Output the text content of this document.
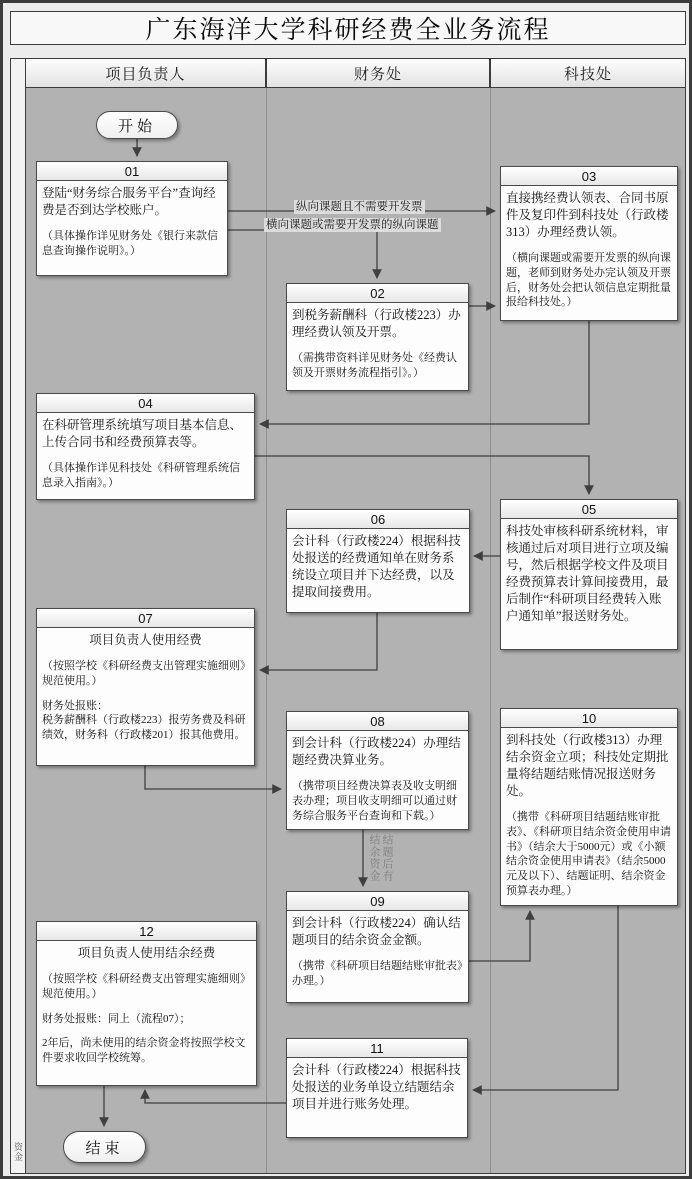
广东海洋大学科研经费全业务流程
资金
项目负责人	财务处	科技处
开始
01
登陆“财务综合服务平台”查询经费是否到达学校账户。
（具体操作详见财务处《银行来款信息查询操作说明》。）
02
到税务薪酬科（行政楼223）办理经费认领及开票。
（需携带资料详见财务处《经费认领及开票财务流程指引》。）
03
直接携经费认领表、合同书原件及复印件到科技处（行政楼313）办理经费认领。
（横向课题或需要开发票的纵向课题，老师到财务处办完认领及开票后，财务处会把认领信息定期批量报给科技处。）
04
在科研管理系统填写项目基本信息、上传合同书和经费预算表等。
（具体操作详见科技处《科研管理系统信息录入指南》。）
05
科技处审核科研系统材料，审核通过后对项目进行立项及编号，然后根据学校文件及项目经费预算表计算间接费用，最后制作“科研项目经费转入账户通知单”报送财务处。
06
会计科（行政楼224）根据科技处报送的经费通知单在财务系统设立项目并下达经费，以及提取间接费用。
07
项目负责人使用经费
（按照学校《科研经费支出管理实施细则》规范使用。）
财务处报账：
税务薪酬科（行政楼223）报劳务费及科研绩效，财务科（行政楼201）报其他费用。
08
到会计科（行政楼224）办理结题经费决算业务。
（携带项目经费决算表及收支明细表办理；项目收支明细可以通过财务综合服务平台查询和下载。）
10
到科技处（行政楼313）办理结余资金立项；科技处定期批量将结题结账情况报送财务处。
（携带《科研项目结题结账审批表》、《科研项目结余资金使用申请书》（结余大于5000元）或《小额结余资金使用申请表》（结余5000元及以下）、结题证明、结余资金预算表办理。）
09
到会计科（行政楼224）确认结题项目的结余资金金额。
（携带《科研项目结题结账审批表》办理。）
12
项目负责人使用结余经费
（按照学校《科研经费支出管理实施细则》规范使用。）
财务处报账：同上（流程07）；
2年后，尚未使用的结余资金将按照学校文件要求收回学校统筹。
11
会计科（行政楼224）根据科技处报送的业务单设立结题结余项目并进行账务处理。
结束
纵向课题且不需要开发票
横向课题或需要开发票的纵向课题
结题后有
结余资金
